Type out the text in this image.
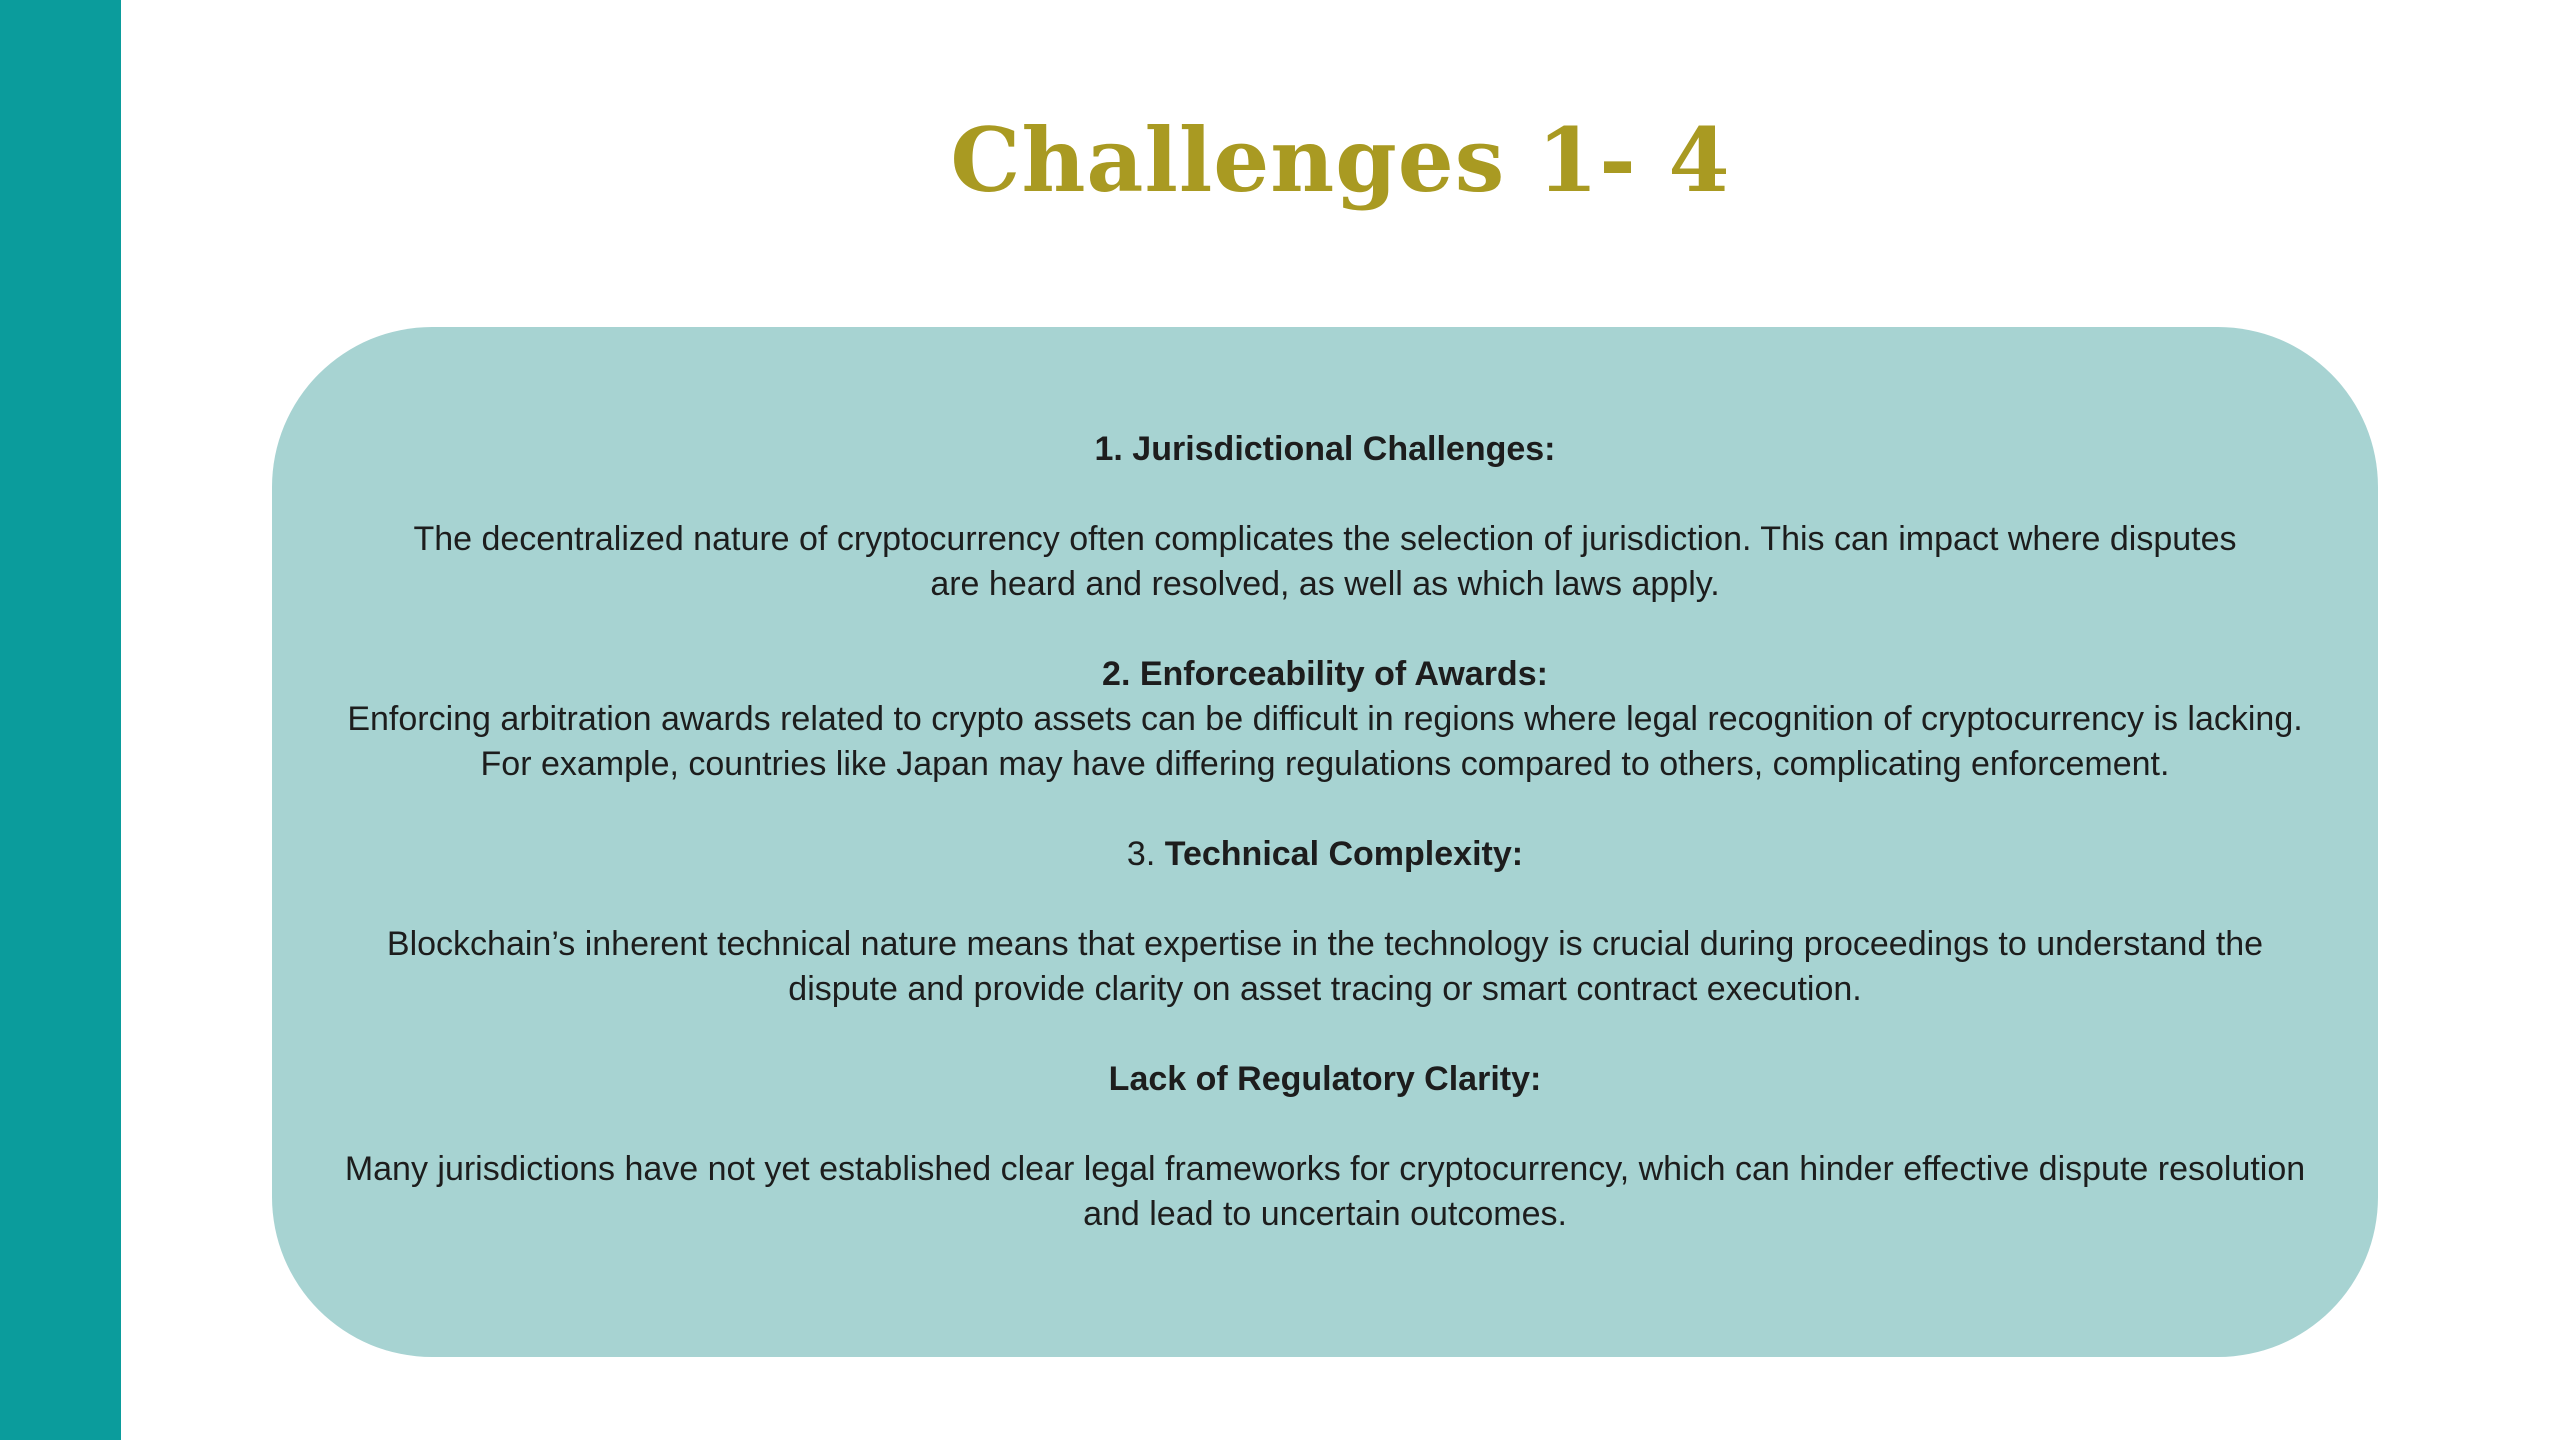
Challenges 1- 4

1. Jurisdictional Challenges:

The decentralized nature of cryptocurrency often complicates the selection of jurisdiction. This can impact where disputes are heard and resolved, as well as which laws apply.

2. Enforceability of Awards:

Enforcing arbitration awards related to crypto assets can be difficult in regions where legal recognition of cryptocurrency is lacking. For example, countries like Japan may have differing regulations compared to others, complicating enforcement.

3. Technical Complexity:

Blockchain’s inherent technical nature means that expertise in the technology is crucial during proceedings to understand the dispute and provide clarity on asset tracing or smart contract execution.

Lack of Regulatory Clarity:

Many jurisdictions have not yet established clear legal frameworks for cryptocurrency, which can hinder effective dispute resolution and lead to uncertain outcomes.
